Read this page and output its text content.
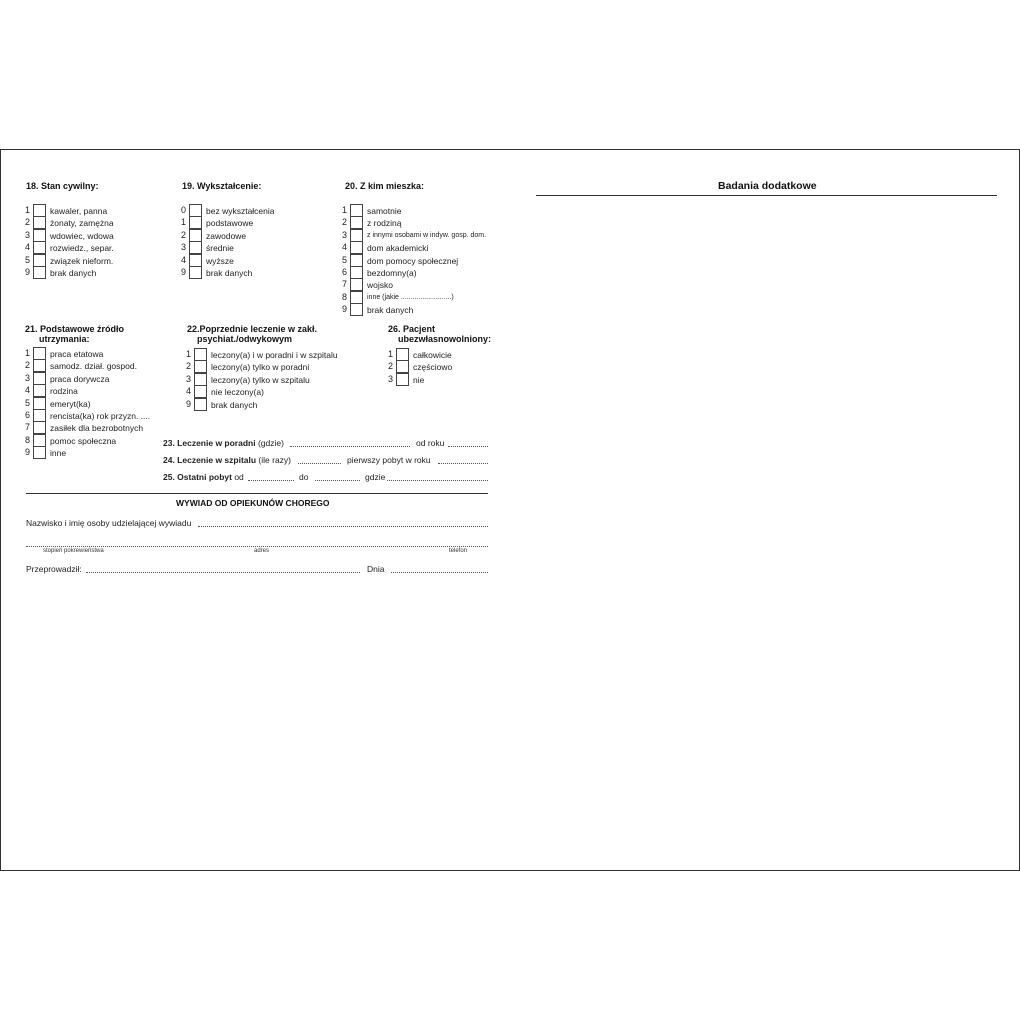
18. Stan cywilny:
1	kawaler, panna
2	żonaty, zamężna
3	wdowiec, wdowa
4	rozwiedz., separ.
5	związek nieform.
9	brak danych
19. Wykształcenie:
0	bez wykształcenia
1	podstawowe
2	zawodowe
3	średnie
4	wyższe
9	brak danych
20. Z kim mieszka:
1	samotnie
2	z rodziną
3	z innymi osobami w indyw. gosp. dom.
4	dom akademicki
5	dom pomocy społecznej
6	bezdomny(a)
7	wojsko
8	inne (jakie ..........................)
9	brak danych
Badania dodatkowe
21. Podstawowe źródło
utrzymania:
1	praca etatowa
2	samodz. dział. gospod.
3	praca dorywcza
4	rodzina
5	emeryt(ka)
6	rencista(ka) rok przyzn. ....
7	zasiłek dla bezrobotnych
8	pomoc społeczna
9	inne
22.Poprzednie leczenie w zakł.
psychiat./odwykowym
1	leczony(a) i w poradni i w szpitalu
2	leczony(a) tylko w poradni
3	leczony(a) tylko w szpitalu
4	nie leczony(a)
9	brak danych
26. Pacjent
ubezwłasnowolniony:
1	całkowicie
2	częściowo
3	nie
23. Leczenie w poradni (gdzie)	od roku
24. Leczenie w szpitalu (ile razy)	pierwszy pobyt w roku
25. Ostatni pobyt od	do	gdzie
WYWIAD OD OPIEKUNÓW CHOREGO
Nazwisko i imię osoby udzielającej wywiadu
stopień pokrewieństwa	adres	telefon
Przeprowadził:	Dnia
